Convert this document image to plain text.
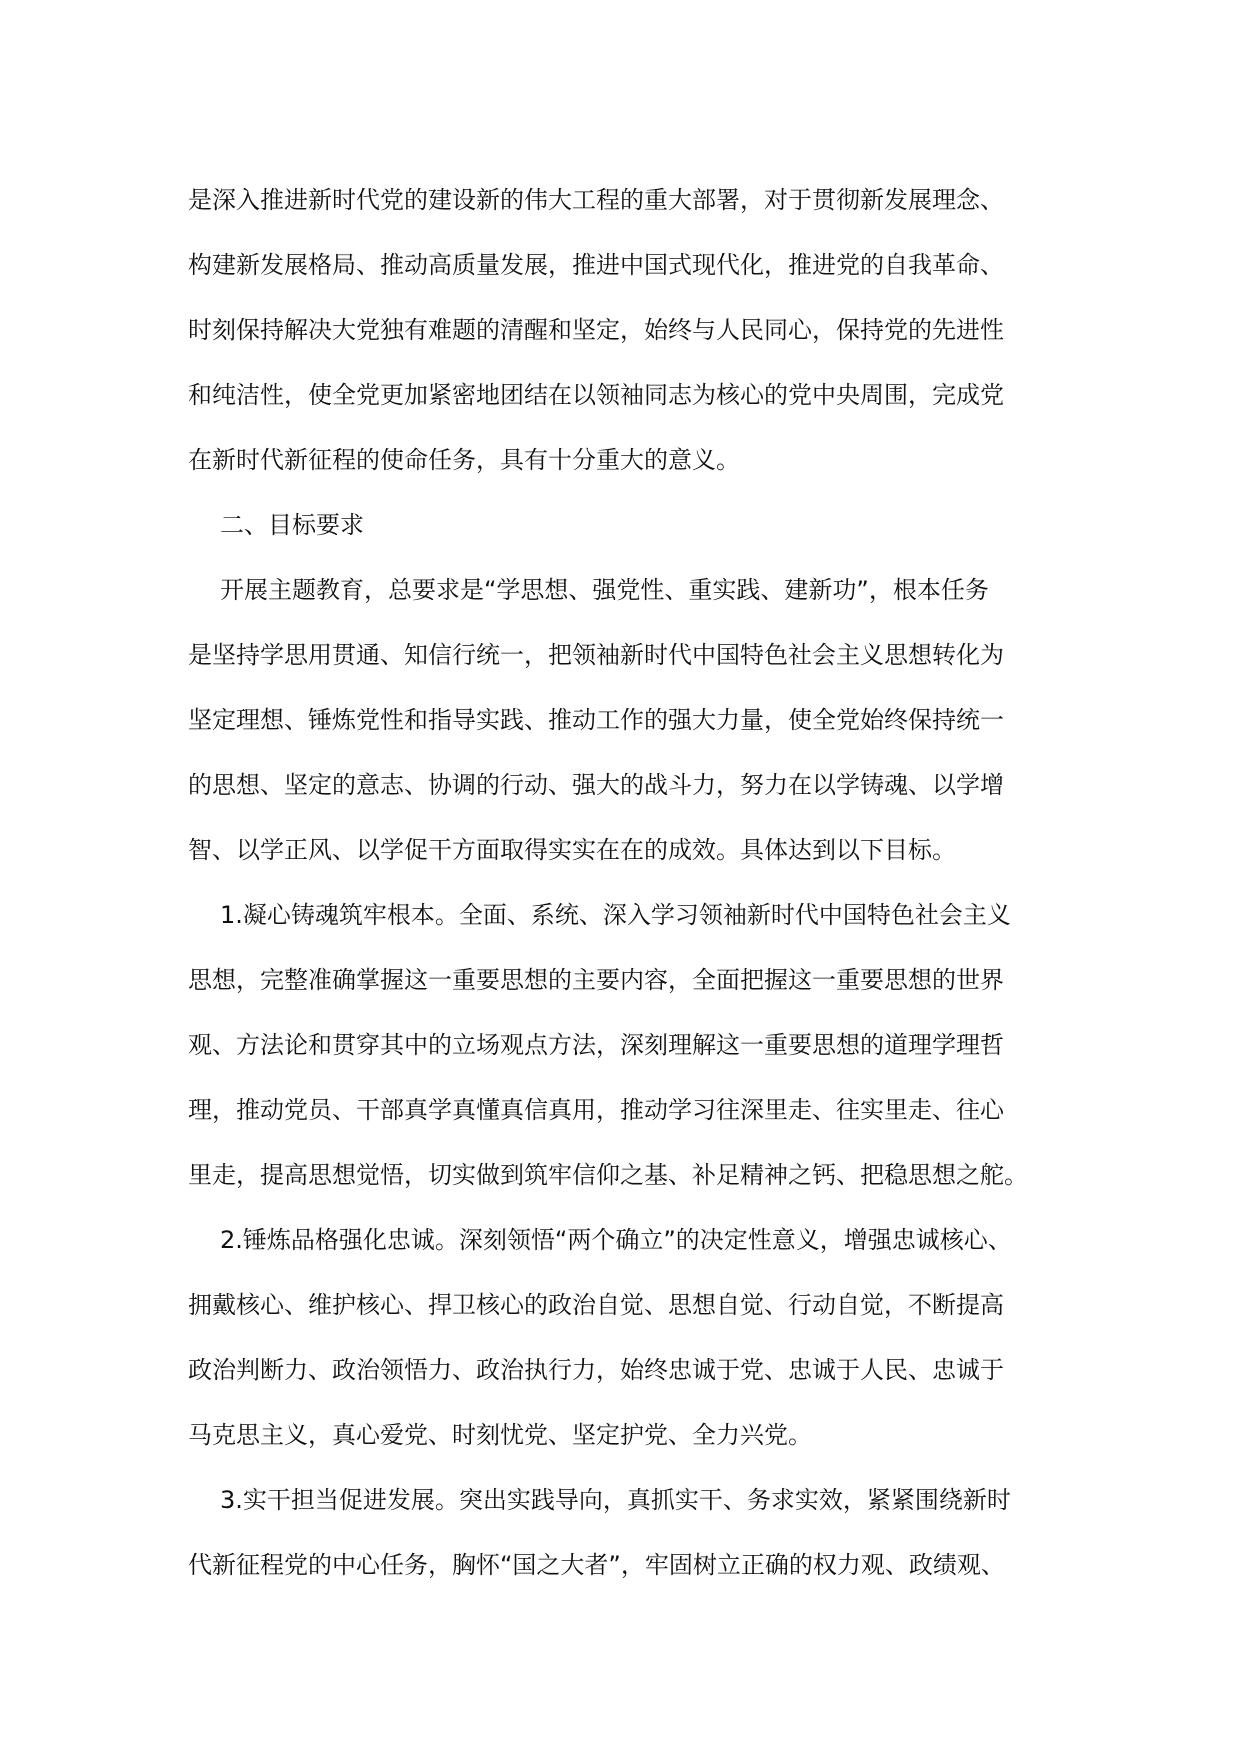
是深入推进新时代党的建设新的伟大工程的重大部署，对于贯彻新发展理念、
构建新发展格局、推动高质量发展，推进中国式现代化，推进党的自我革命、
时刻保持解决大党独有难题的清醒和坚定，始终与人民同心，保持党的先进性
和纯洁性，使全党更加紧密地团结在以领袖同志为核心的党中央周围，完成党
在新时代新征程的使命任务，具有十分重大的意义。
二、目标要求
开展主题教育，总要求是“学思想、强党性、重实践、建新功”，根本任务
是坚持学思用贯通、知信行统一，把领袖新时代中国特色社会主义思想转化为
坚定理想、锤炼党性和指导实践、推动工作的强大力量，使全党始终保持统一
的思想、坚定的意志、协调的行动、强大的战斗力，努力在以学铸魂、以学增
智、以学正风、以学促干方面取得实实在在的成效。具体达到以下目标。
1.凝心铸魂筑牢根本。全面、系统、深入学习领袖新时代中国特色社会主义
思想，完整准确掌握这一重要思想的主要内容，全面把握这一重要思想的世界
观、方法论和贯穿其中的立场观点方法，深刻理解这一重要思想的道理学理哲
理，推动党员、干部真学真懂真信真用，推动学习往深里走、往实里走、往心
里走，提高思想觉悟，切实做到筑牢信仰之基、补足精神之钙、把稳思想之舵。
2.锤炼品格强化忠诚。深刻领悟“两个确立”的决定性意义，增强忠诚核心、
拥戴核心、维护核心、捍卫核心的政治自觉、思想自觉、行动自觉，不断提高
政治判断力、政治领悟力、政治执行力，始终忠诚于党、忠诚于人民、忠诚于
马克思主义，真心爱党、时刻忧党、坚定护党、全力兴党。
3.实干担当促进发展。突出实践导向，真抓实干、务求实效，紧紧围绕新时
代新征程党的中心任务，胸怀“国之大者”，牢固树立正确的权力观、政绩观、
